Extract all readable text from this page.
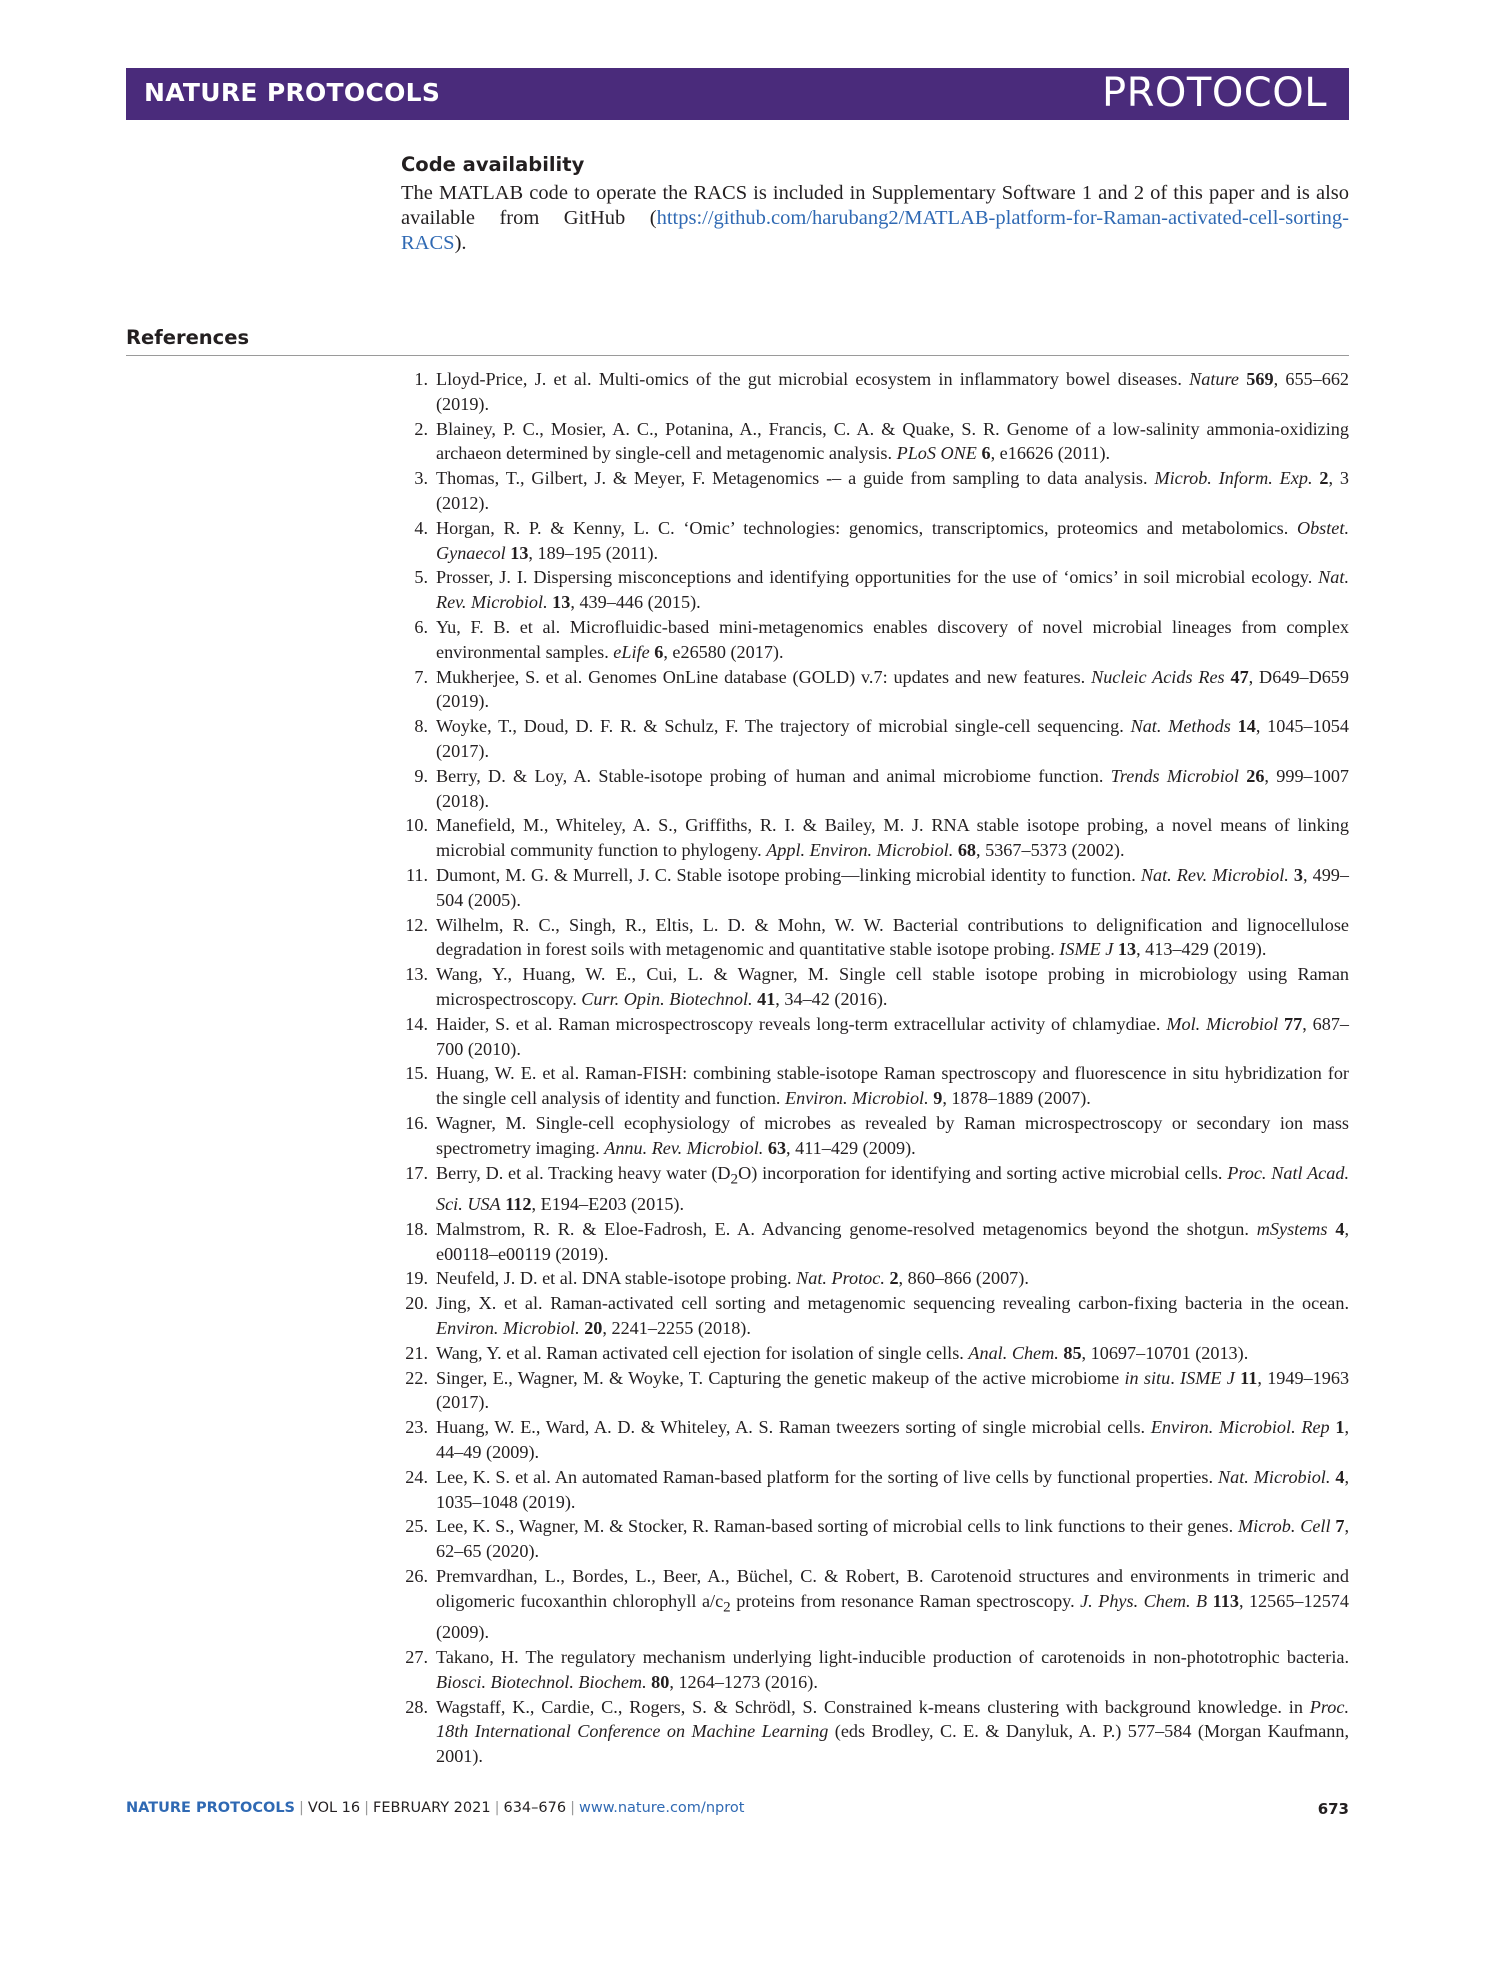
NATURE PROTOCOLS	PROTOCOL
Code availability

The MATLAB code to operate the RACS is included in Supplementary Software 1 and 2 of this paper and is also available from GitHub (https://github.com/harubang2/MATLAB-platform-for-Raman-activated-cell-sorting-RACS).

References
1. Lloyd-Price, J. et al. Multi-omics of the gut microbial ecosystem in inflammatory bowel diseases. Nature 569, 655–662 (2019).
2. Blainey, P. C., Mosier, A. C., Potanina, A., Francis, C. A. & Quake, S. R. Genome of a low-salinity ammonia-oxidizing archaeon determined by single-cell and metagenomic analysis. PLoS ONE 6, e16626 (2011).
3. Thomas, T., Gilbert, J. & Meyer, F. Metagenomics -– a guide from sampling to data analysis. Microb. Inform. Exp. 2, 3 (2012).
4. Horgan, R. P. & Kenny, L. C. ‘Omic’ technologies: genomics, transcriptomics, proteomics and metabolomics. Obstet. Gynaecol 13, 189–195 (2011).
5. Prosser, J. I. Dispersing misconceptions and identifying opportunities for the use of ‘omics’ in soil microbial ecology. Nat. Rev. Microbiol. 13, 439–446 (2015).
6. Yu, F. B. et al. Microfluidic-based mini-metagenomics enables discovery of novel microbial lineages from complex environmental samples. eLife 6, e26580 (2017).
7. Mukherjee, S. et al. Genomes OnLine database (GOLD) v.7: updates and new features. Nucleic Acids Res 47, D649–D659 (2019).
8. Woyke, T., Doud, D. F. R. & Schulz, F. The trajectory of microbial single-cell sequencing. Nat. Methods 14, 1045–1054 (2017).
9. Berry, D. & Loy, A. Stable-isotope probing of human and animal microbiome function. Trends Microbiol 26, 999–1007 (2018).
10. Manefield, M., Whiteley, A. S., Griffiths, R. I. & Bailey, M. J. RNA stable isotope probing, a novel means of linking microbial community function to phylogeny. Appl. Environ. Microbiol. 68, 5367–5373 (2002).
11. Dumont, M. G. & Murrell, J. C. Stable isotope probing—linking microbial identity to function. Nat. Rev. Microbiol. 3, 499–504 (2005).
12. Wilhelm, R. C., Singh, R., Eltis, L. D. & Mohn, W. W. Bacterial contributions to delignification and lignocellulose degradation in forest soils with metagenomic and quantitative stable isotope probing. ISME J 13, 413–429 (2019).
13. Wang, Y., Huang, W. E., Cui, L. & Wagner, M. Single cell stable isotope probing in microbiology using Raman microspectroscopy. Curr. Opin. Biotechnol. 41, 34–42 (2016).
14. Haider, S. et al. Raman microspectroscopy reveals long-term extracellular activity of chlamydiae. Mol. Microbiol 77, 687–700 (2010).
15. Huang, W. E. et al. Raman-FISH: combining stable-isotope Raman spectroscopy and fluorescence in situ hybridization for the single cell analysis of identity and function. Environ. Microbiol. 9, 1878–1889 (2007).
16. Wagner, M. Single-cell ecophysiology of microbes as revealed by Raman microspectroscopy or secondary ion mass spectrometry imaging. Annu. Rev. Microbiol. 63, 411–429 (2009).
17. Berry, D. et al. Tracking heavy water $(D_2O)$ incorporation for identifying and sorting active microbial cells. Proc. Natl Acad. Sci. USA 112, E194–E203 (2015).
18. Malmstrom, R. R. & Eloe-Fadrosh, E. A. Advancing genome-resolved metagenomics beyond the shotgun. mSystems 4, e00118–e00119 (2019).
19. Neufeld, J. D. et al. DNA stable-isotope probing. Nat. Protoc. 2, 860–866 (2007).
20. Jing, X. et al. Raman-activated cell sorting and metagenomic sequencing revealing carbon-fixing bacteria in the ocean. Environ. Microbiol. 20, 2241–2255 (2018).
21. Wang, Y. et al. Raman activated cell ejection for isolation of single cells. Anal. Chem. 85, 10697–10701 (2013).
22. Singer, E., Wagner, M. & Woyke, T. Capturing the genetic makeup of the active microbiome in situ. ISME J 11, 1949–1963 (2017).
23. Huang, W. E., Ward, A. D. & Whiteley, A. S. Raman tweezers sorting of single microbial cells. Environ. Microbiol. Rep 1, 44–49 (2009).
24. Lee, K. S. et al. An automated Raman-based platform for the sorting of live cells by functional properties. Nat. Microbiol. 4, 1035–1048 (2019).
25. Lee, K. S., Wagner, M. & Stocker, R. Raman-based sorting of microbial cells to link functions to their genes. Microb. Cell 7, 62–65 (2020).
26. Premvardhan, L., Bordes, L., Beer, A., Büchel, C. & Robert, B. Carotenoid structures and environments in trimeric and oligomeric fucoxanthin chlorophyll $a/c_2$ proteins from resonance Raman spectroscopy. J. Phys. Chem. B 113, 12565–12574 (2009).
27. Takano, H. The regulatory mechanism underlying light-inducible production of carotenoids in non-phototrophic bacteria. Biosci. Biotechnol. Biochem. 80, 1264–1273 (2016).
28. Wagstaff, K., Cardie, C., Rogers, S. & Schrödl, S. Constrained k-means clustering with background knowledge. in Proc. 18th International Conference on Machine Learning (eds Brodley, C. E. & Danyluk, A. P.) 577–584 (Morgan Kaufmann, 2001).
NATURE PROTOCOLS | VOL 16 | FEBRUARY 2021 | 634–676 | www.nature.com/nprot	673
